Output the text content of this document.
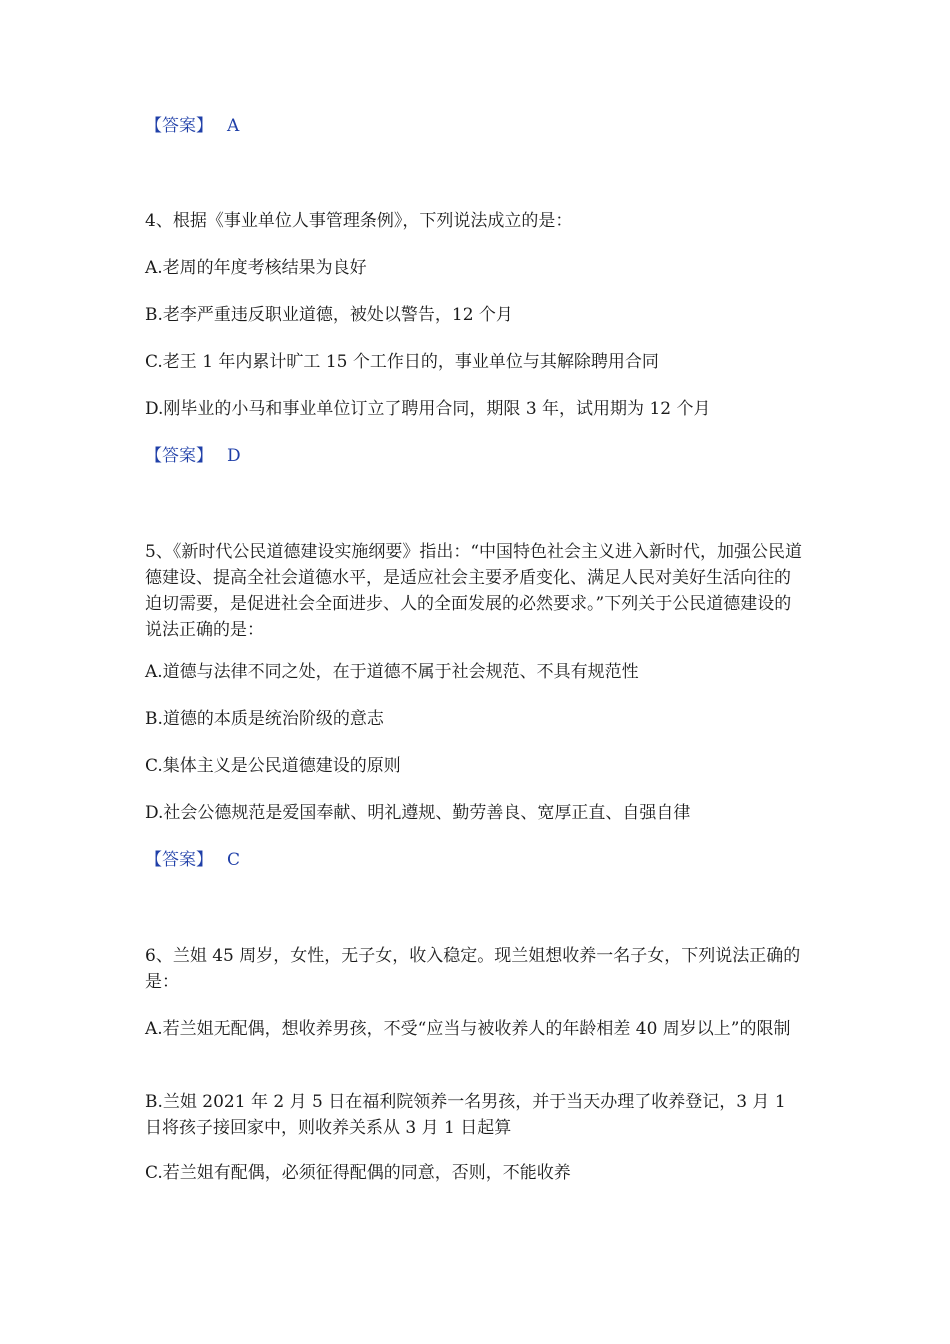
【答案】 A
4、根据《事业单位人事管理条例》，下列说法成立的是：
A.老周的年度考核结果为良好
B.老李严重违反职业道德，被处以警告，12 个月
C.老王 1 年内累计旷工 15 个工作日的，事业单位与其解除聘用合同
D.刚毕业的小马和事业单位订立了聘用合同，期限 3 年，试用期为 12 个月
【答案】 D
5、《新时代公民道德建设实施纲要》指出：“中国特色社会主义进入新时代，加强公民道德建设、提高全社会道德水平，是适应社会主要矛盾变化、满足人民对美好生活向往的迫切需要，是促进社会全面进步、人的全面发展的必然要求。”下列关于公民道德建设的说法正确的是：
A.道德与法律不同之处，在于道德不属于社会规范、不具有规范性
B.道德的本质是统治阶级的意志
C.集体主义是公民道德建设的原则
D.社会公德规范是爱国奉献、明礼遵规、勤劳善良、宽厚正直、自强自律
【答案】 C
6、兰姐 45 周岁，女性，无子女，收入稳定。现兰姐想收养一名子女，下列说法正确的是：
A.若兰姐无配偶，想收养男孩，不受“应当与被收养人的年龄相差 40 周岁以上”的限制
B.兰姐 2021 年 2 月 5 日在福利院领养一名男孩，并于当天办理了收养登记，3 月 1 日将孩子接回家中，则收养关系从 3 月 1 日起算
C.若兰姐有配偶，必须征得配偶的同意，否则，不能收养
